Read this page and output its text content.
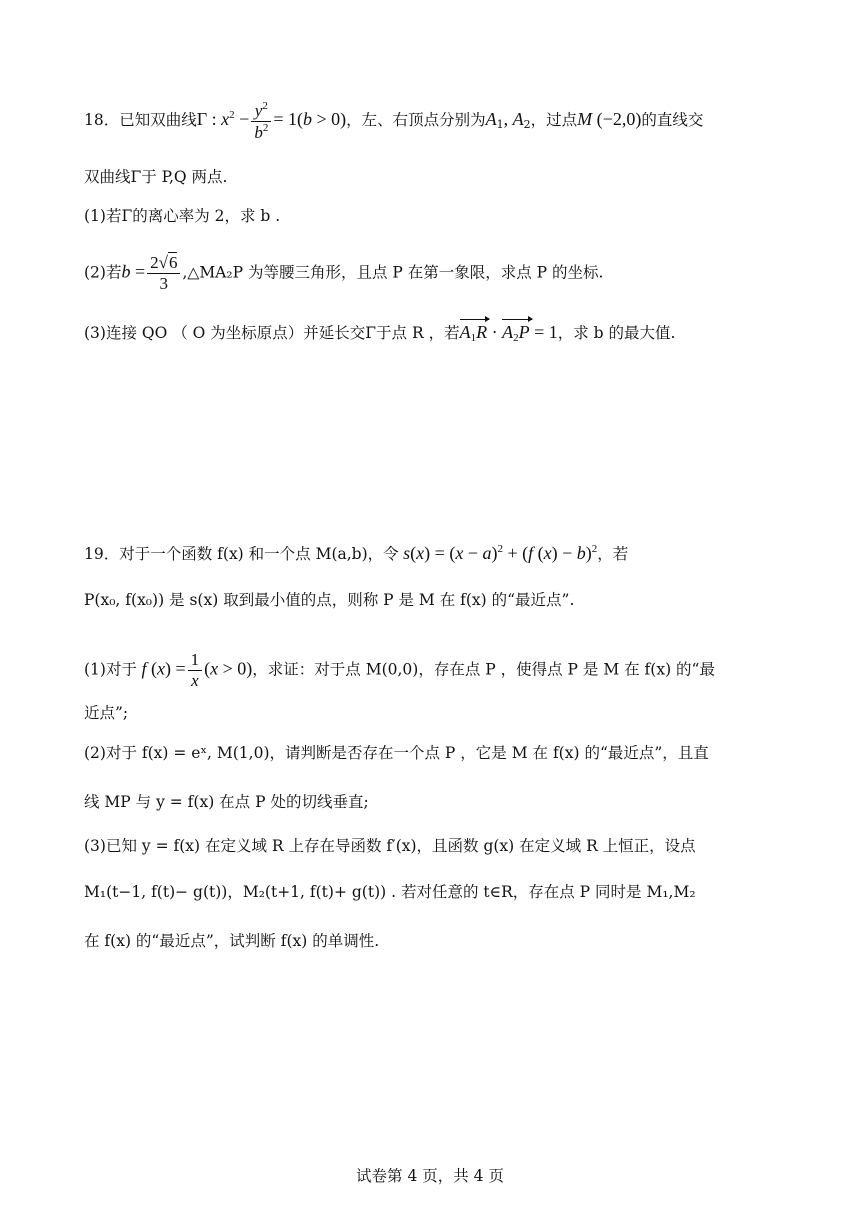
18．已知双曲线Γ : $x^2 - \frac{y^2}{b^2} = 1(b > 0)$，左、右顶点分别为$A_1$, $A_2$，过点M (−2,0)的直线交
双曲线Γ于 P,Q 两点.
(1)若Γ的离心率为 2，求 b .
(2)若$b = \frac{2√6}{3}$ ,△MA₂P 为等腰三角形，且点 P 在第一象限，求点 P 的坐标.
(3)连接 QO （ O 为坐标原点）并延长交Γ于点 R ，若$A_1R \cdot A_2P = 1$，求 b 的最大值.
19．对于一个函数 f(x) 和一个点 M(a,b)，令 $s(x) = (x - a)^2 + (f$ (x) − b)$^2$，若
P(x₀, f(x₀)) 是 s(x) 取到最小值的点，则称 P 是 M 在 f(x) 的“最近点”.
(1)对于 f $(x) = \frac{1}{x} (x > 0)$，求证：对于点 M(0,0)，存在点 P ，使得点 P 是 M 在 f(x) 的“最
近点”;
(2)对于 f(x) = eˣ, M(1,0)，请判断是否存在一个点 P ，它是 M 在 f(x) 的“最近点”，且直
线 MP 与 y = f(x) 在点 P 处的切线垂直;
(3)已知 y = f(x) 在定义域 R 上存在导函数 f′(x)，且函数 g(x) 在定义域 R 上恒正，设点
M₁(t−1, f(t)− g(t))，M₂(t+1, f(t)+ g(t)) . 若对任意的 t∈R，存在点 P 同时是 M₁,M₂
在 f(x) 的“最近点”，试判断 f(x) 的单调性.
试卷第 4 页，共 4 页
